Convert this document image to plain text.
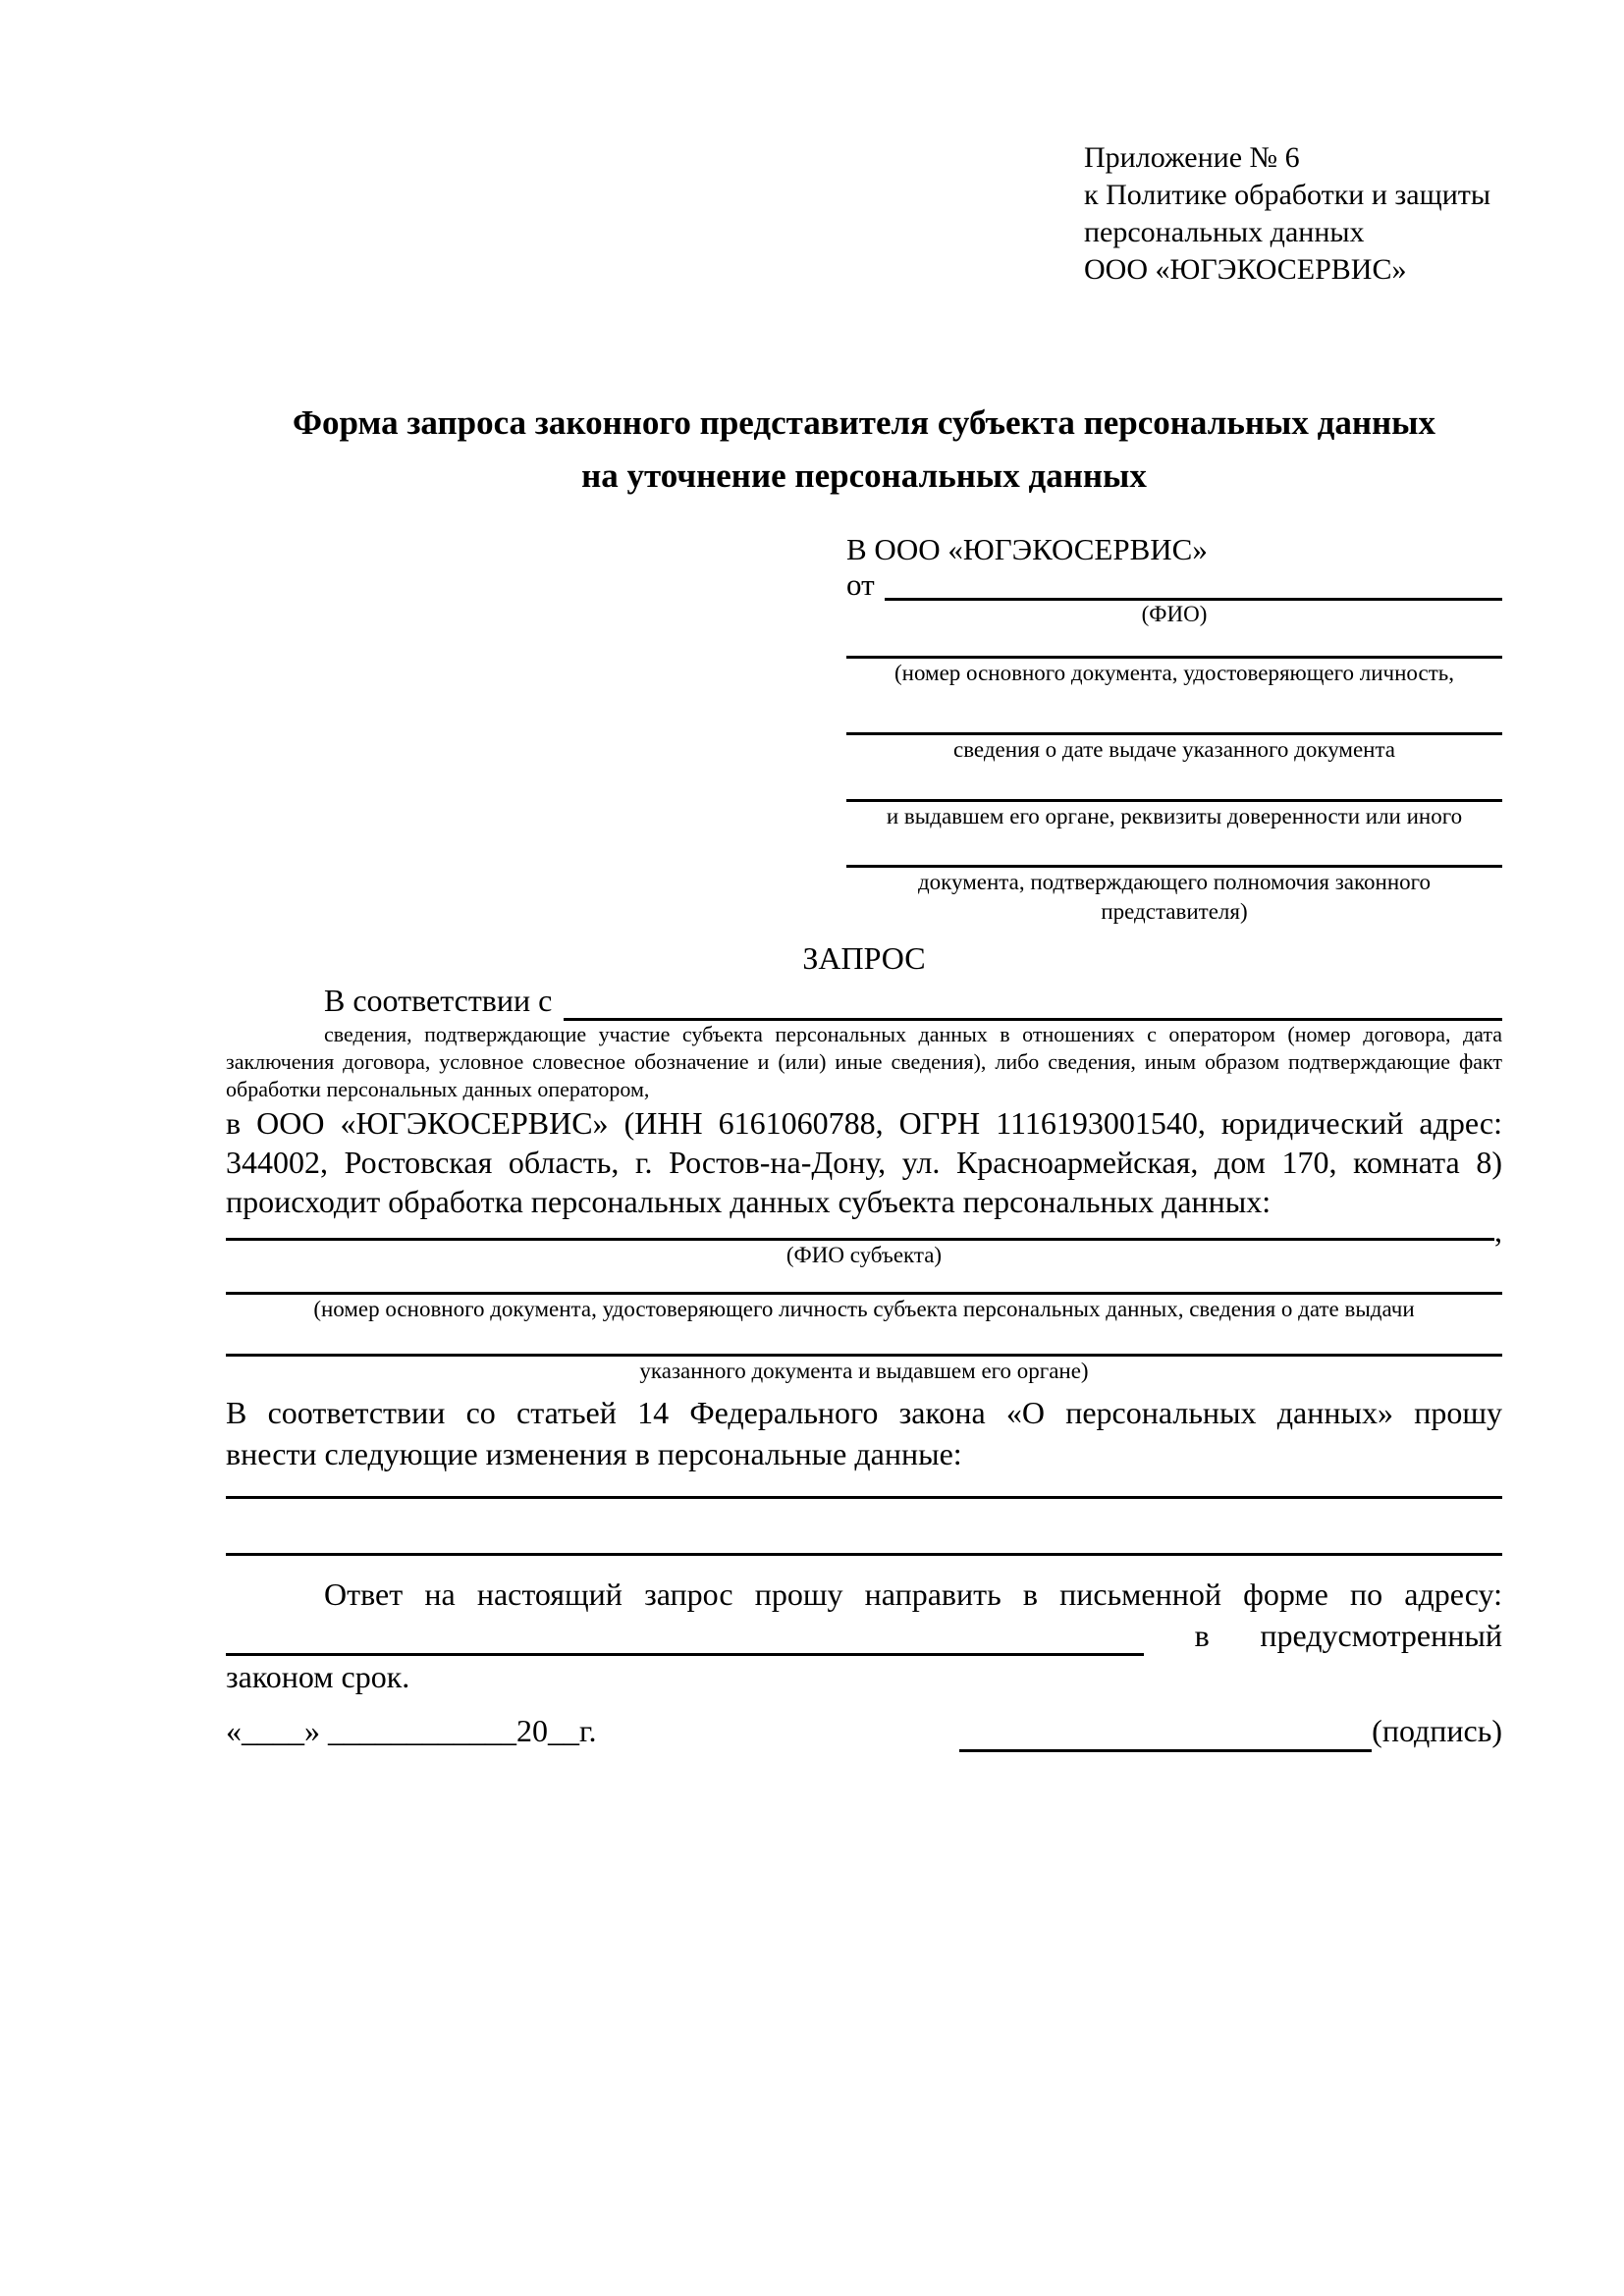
Приложение № 6
к Политике обработки и защиты
персональных данных
ООО «ЮГЭКОСЕРВИС»
Форма запроса законного представителя субъекта персональных данных
на уточнение персональных данных
В ООО «ЮГЭКОСЕРВИС»
от
(ФИО)
(номер основного документа, удостоверяющего личность,
сведения о дате выдаче указанного документа
и выдавшем его органе, реквизиты доверенности или иного
документа, подтверждающего полномочия законного представителя)
ЗАПРОС
В соответствии с
сведения, подтверждающие участие субъекта персональных данных в отношениях с оператором (номер договора, дата
заключения договора, условное словесное обозначение и (или) иные сведения), либо сведения, иным образом подтверждающие факт
обработки персональных данных оператором,
в ООО «ЮГЭКОСЕРВИС» (ИНН 6161060788, ОГРН 1116193001540, юридический адрес:
344002, Ростовская область, г. Ростов-на-Дону, ул. Красноармейская, дом 170, комната 8)
происходит обработка персональных данных субъекта персональных данных:
,
(ФИО субъекта)
(номер основного документа, удостоверяющего личность субъекта персональных данных, сведения о дате выдачи
указанного документа и выдавшем его органе)
В соответствии со статьей 14 Федерального закона «О персональных данных» прошу
внести следующие изменения в персональные данные:
Ответ на настоящий запрос прошу направить в письменной форме по адресу:
в предусмотренный
законом срок.
«____» ____________20__г.	(подпись)
